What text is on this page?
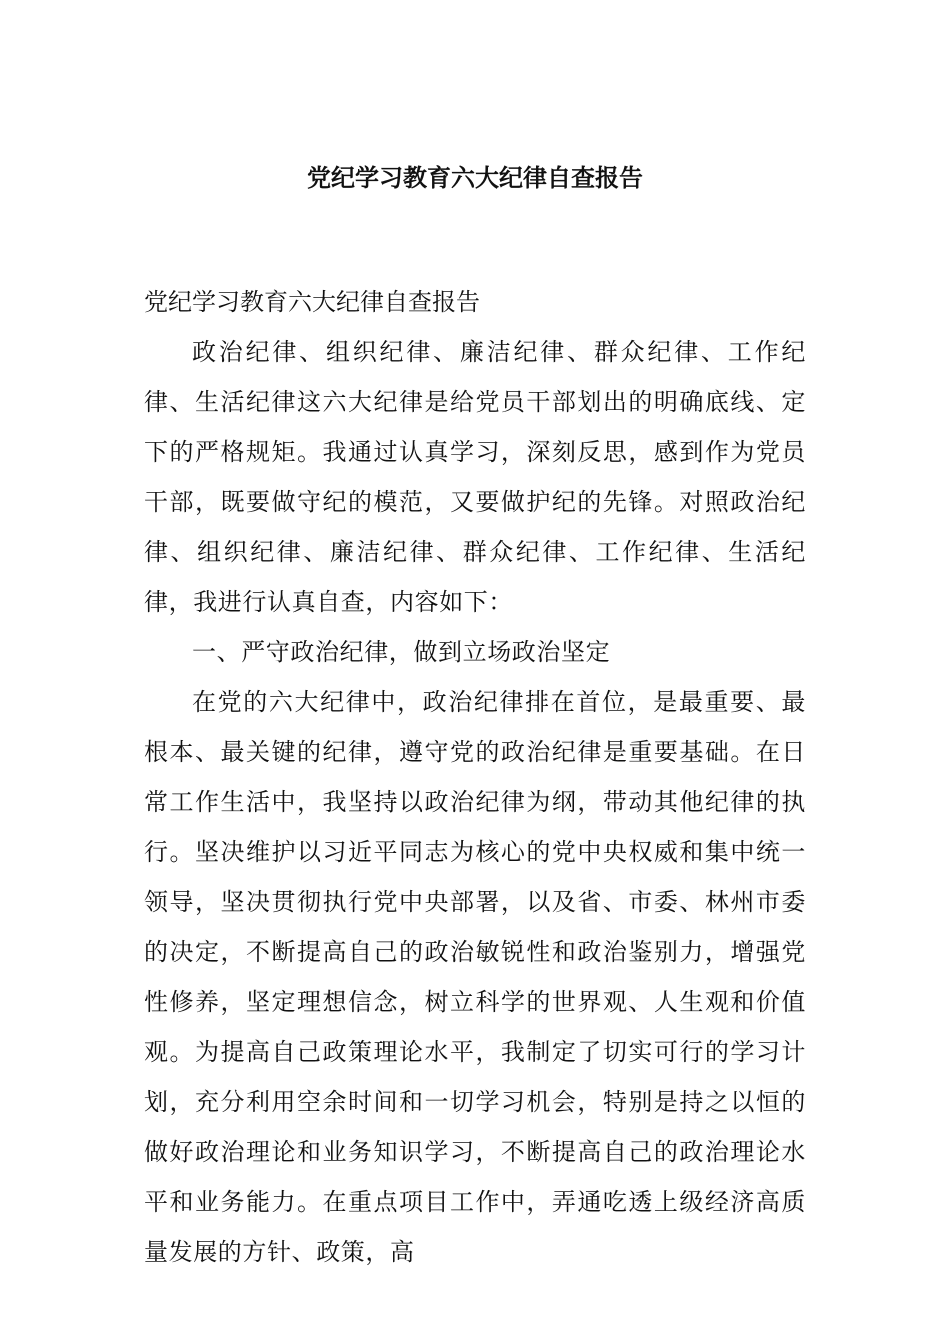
党纪学习教育六大纪律自查报告

党纪学习教育六大纪律自查报告

政治纪律、组织纪律、廉洁纪律、群众纪律、工作纪律、生活纪律这六大纪律是给党员干部划出的明确底线、定下的严格规矩。我通过认真学习，深刻反思，感到作为党员干部，既要做守纪的模范，又要做护纪的先锋。对照政治纪律、组织纪律、廉洁纪律、群众纪律、工作纪律、生活纪律，我进行认真自查，内容如下：

一、严守政治纪律，做到立场政治坚定

在党的六大纪律中，政治纪律排在首位，是最重要、最根本、最关键的纪律，遵守党的政治纪律是重要基础。在日常工作生活中，我坚持以政治纪律为纲，带动其他纪律的执行。坚决维护以习近平同志为核心的党中央权威和集中统一领导，坚决贯彻执行党中央部署，以及省、市委、林州市委的决定，不断提高自己的政治敏锐性和政治鉴别力，增强党性修养，坚定理想信念，树立科学的世界观、人生观和价值观。为提高自己政策理论水平，我制定了切实可行的学习计划，充分利用空余时间和一切学习机会，特别是持之以恒的做好政治理论和业务知识学习，不断提高自己的政治理论水平和业务能力。在重点项目工作中，弄通吃透上级经济高质量发展的方针、政策，高
